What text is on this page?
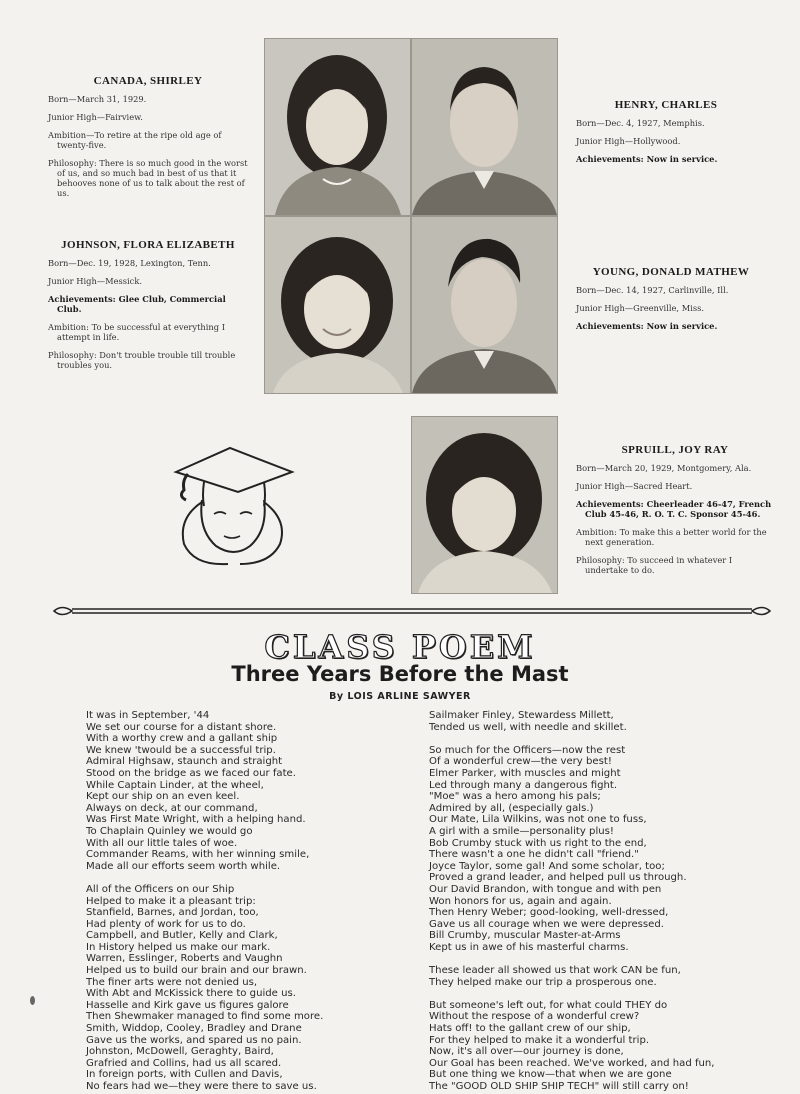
CANADA, SHIRLEY
Born—March 31, 1929.
Junior High—Fairview.
Ambition—To retire at the ripe old age of twenty-five.
Philosophy: There is so much good in the worst of us, and so much bad in best of us that it behooves none of us to talk about the rest of us.
HENRY, CHARLES
Born—Dec. 4, 1927, Memphis.
Junior High—Hollywood.
Achievements: Now in service.
JOHNSON, FLORA ELIZABETH
Born—Dec. 19, 1928, Lexington, Tenn.
Junior High—Messick.
Achievements: Glee Club, Commercial Club.
Ambition: To be successful at everything I attempt in life.
Philosophy: Don't trouble trouble till trouble troubles you.
YOUNG, DONALD MATHEW
Born—Dec. 14, 1927, Carlinville, Ill.
Junior High—Greenville, Miss.
Achievements: Now in service.
SPRUILL, JOY RAY
Born—March 20, 1929, Montgomery, Ala.
Junior High—Sacred Heart.
Achievements: Cheerleader 46-47, French Club 45-46, R. O. T. C. Sponsor 45-46.
Ambition: To make this a better world for the next generation.
Philosophy: To succeed in whatever I undertake to do.
CLASS POEM
Three Years Before the Mast
By LOIS ARLINE SAWYER
It was in September, '44
We set our course for a distant shore.
With a worthy crew and a gallant ship
We knew 'twould be a successful trip.
Admiral Highsaw, staunch and straight
Stood on the bridge as we faced our fate.
While Captain Linder, at the wheel,
Kept our ship on an even keel.
Always on deck, at our command,
Was First Mate Wright, with a helping hand.
To Chaplain Quinley we would go
With all our little tales of woe.
Commander Reams, with her winning smile,
Made all our efforts seem worth while.
All of the Officers on our Ship
Helped to make it a pleasant trip:
Stanfield, Barnes, and Jordan, too,
Had plenty of work for us to do.
Campbell, and Butler, Kelly and Clark,
In History helped us make our mark.
Warren, Esslinger, Roberts and Vaughn
Helped us to build our brain and our brawn.
The finer arts were not denied us,
With Abt and McKissick there to guide us.
Hasselle and Kirk gave us figures galore
Then Shewmaker managed to find some more.
Smith, Widdop, Cooley, Bradley and Drane
Gave us the works, and spared us no pain.
Johnston, McDowell, Geraghty, Baird,
Grafried and Collins, had us all scared.
In foreign ports, with Cullen and Davis,
No fears had we—they were there to save us.
Sailmaker Finley, Stewardess Millett,
Tended us well, with needle and skillet.
So much for the Officers—now the rest
Of a wonderful crew—the very best!
Elmer Parker, with muscles and might
Led through many a dangerous fight.
"Moe" was a hero among his pals;
Admired by all, (especially gals.)
Our Mate, Lila Wilkins, was not one to fuss,
A girl with a smile—personality plus!
Bob Crumby stuck with us right to the end,
There wasn't a one he didn't call "friend."
Joyce Taylor, some gal! And some scholar, too;
Proved a grand leader, and helped pull us through.
Our David Brandon, with tongue and with pen
Won honors for us, again and again.
Then Henry Weber; good-looking, well-dressed,
Gave us all courage when we were depressed.
Bill Crumby, muscular Master-at-Arms
Kept us in awe of his masterful charms.
These leader all showed us that work CAN be fun,
They helped make our trip a prosperous one.
But someone's left out, for what could THEY do
Without the respose of a wonderful crew?
Hats off! to the gallant crew of our ship,
For they helped to make it a wonderful trip.
Now, it's all over—our journey is done,
Our Goal has been reached. We've worked, and had fun,
But one thing we know—that when we are gone
The "GOOD OLD SHIP SHIP TECH" will still carry on!
